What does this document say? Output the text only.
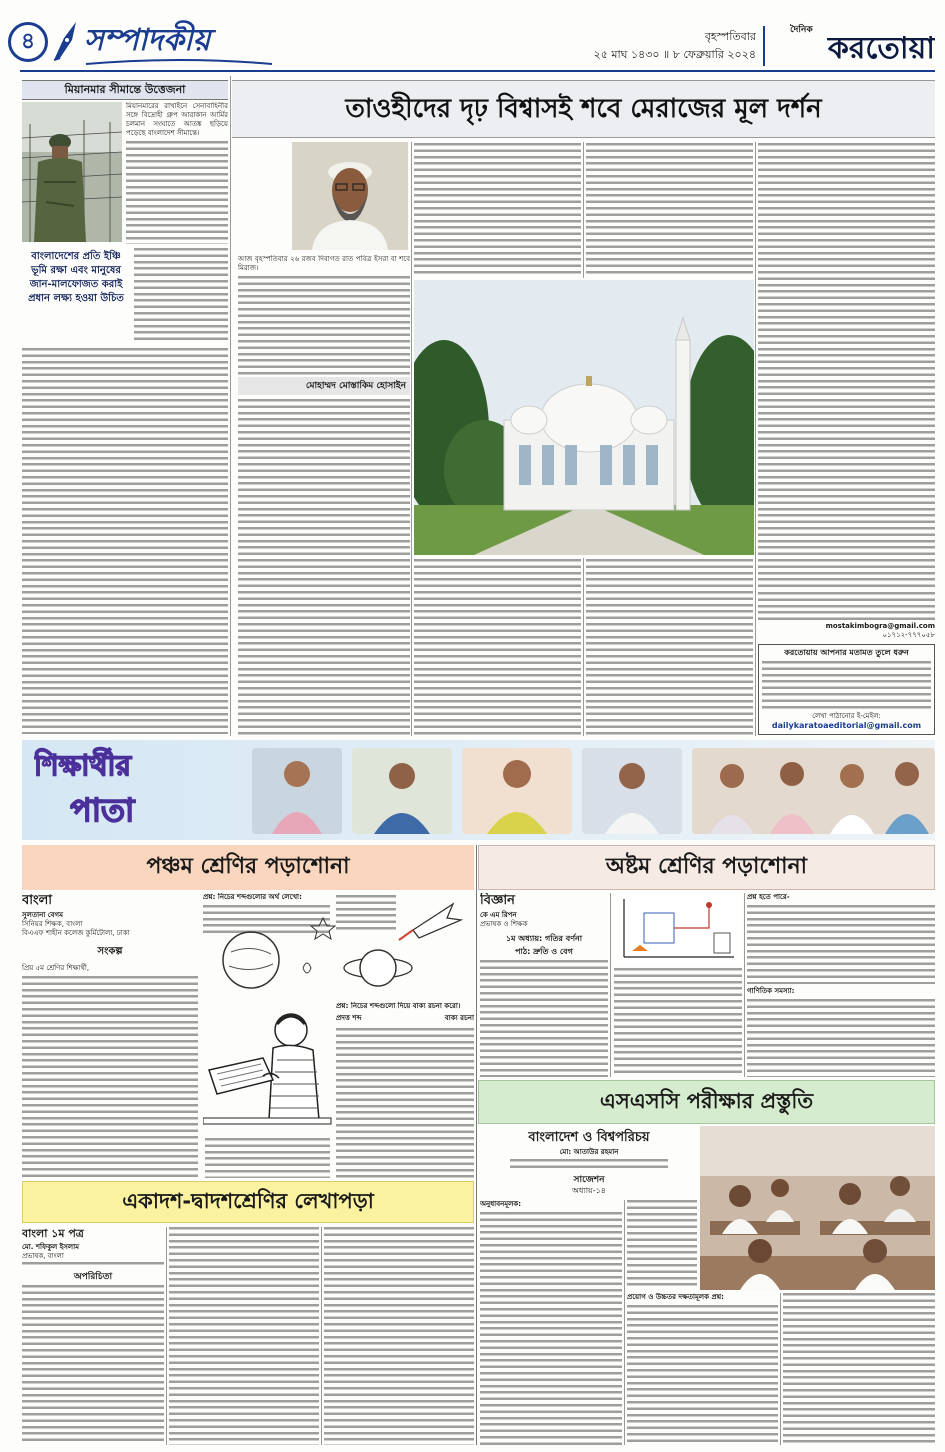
৪	সম্পাদকীয়	বৃহস্পতিবার
২৫ মাঘ ১৪৩০ ॥ ৮ ফেব্রুয়ারি ২০২৪
দৈনিক
করতোয়া
মিয়ানমার সীমান্তে উত্তেজনা

মিয়ানমারের রাখাইনে সেনাবাহিনীর সঙ্গে বিদ্রোহী গ্রুপ আরাকান আর্মির চলমান সংঘাতে আতঙ্ক ছড়িয়ে পড়েছে বাংলাদেশ সীমান্তে।

বাংলাদেশের প্রতি ইঞ্চি ভূমি রক্ষা এবং মানুষের জান-মালফোজত করাই প্রধান লক্ষ্য হওয়া উচিত
তাওহীদের দৃঢ় বিশ্বাসই শবে মেরাজের মূল দর্শন

আজ বৃহস্পতিবার ২৬ রজব দিবাগত রাত পবিত্র ইসরা বা শবে মিরাজ।

মোহাম্মদ মোস্তাকিম হোসাইন

mostakimbogra@gmail.com

০১৭১২-৭৭৭০৫৮

করতোয়ায় আপনার মতামত তুলে ধরুন

লেখা পাঠানোর ই-মেইল:

dailykaratoaeditorial@gmail.com

শিক্ষার্থীর
পাতা
পঞ্চম শ্রেণির পড়াশোনা	অষ্টম শ্রেণির পড়াশোনা

বাংলা

সুলতানা বেগম

সিনিয়র শিক্ষক, বাংলা

বিএএফ শাহীন কলেজ কুর্মিটোলা, ঢাকা

সংকল্প

প্রিয় ৫ম শ্রেণির শিক্ষার্থী,

প্রশ্ন: নিচের শব্দগুলোর অর্থ লেখো:

প্রশ্ন: নিচের শব্দগুলো দিয়ে বাক্য রচনা করো।

প্রদত্ত শব্দ	বাক্য রচনা

বিজ্ঞান

কে এম রিপন

প্রভাষক ও শিক্ষক

১ম অধ্যায়: গতির বর্ণনা

পাঠ: দ্রুতি ও বেগ

প্রশ্ন হতে পারে-

গাণিতিক সমস্যা:

এসএসসি পরীক্ষার প্রস্তুতি

বাংলাদেশ ও বিশ্বপরিচয়

মো: আতাউর রহমান

সাজেশন

অধ্যায়-১৪

অনুধাবনমূলক:

প্রয়োগ ও উচ্চতর দক্ষতামূলক প্রশ্ন:

একাদশ-দ্বাদশশ্রেণির লেখাপড়া

বাংলা ১ম পত্র

মো. শফিকুল ইসলাম

প্রভাষক, বাংলা

অপরিচিতা
